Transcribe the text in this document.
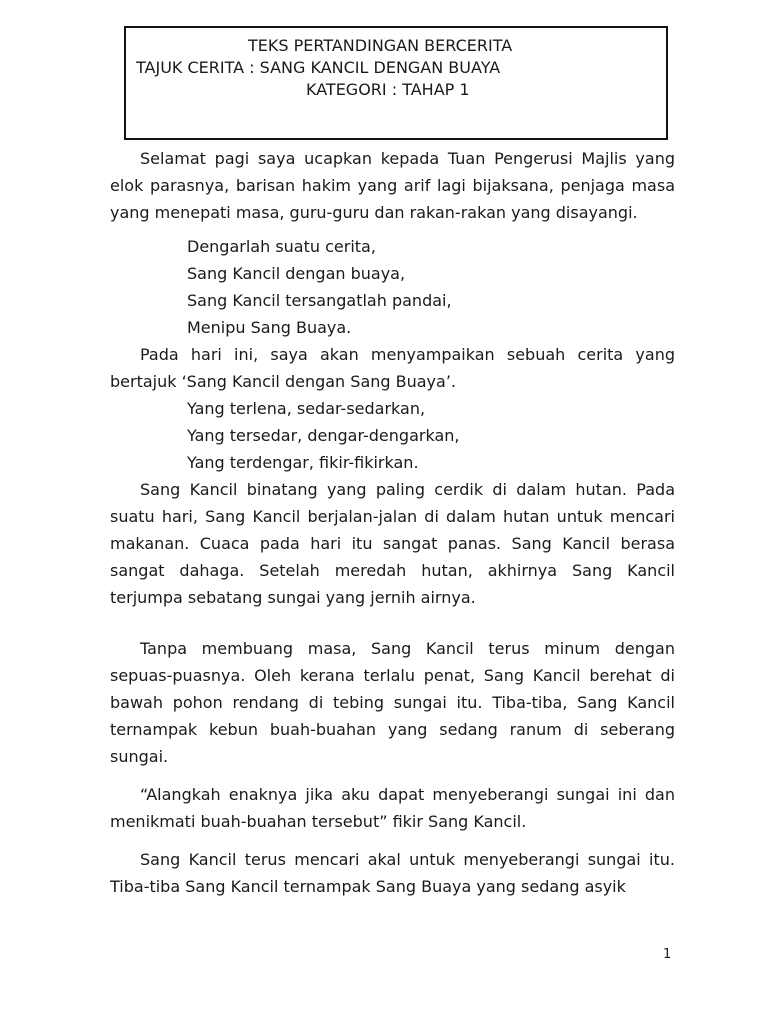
TEKS PERTANDINGAN BERCERITA
TAJUK CERITA : SANG KANCIL DENGAN BUAYA
KATEGORI : TAHAP 1

Selamat pagi saya ucapkan kepada Tuan Pengerusi Majlis yang elok parasnya, barisan hakim yang arif lagi bijaksana, penjaga masa yang menepati masa, guru-guru dan rakan-rakan yang disayangi.

Dengarlah suatu cerita,
Sang Kancil dengan buaya,
Sang Kancil tersangatlah pandai,
Menipu Sang Buaya.

Pada hari ini, saya akan menyampaikan sebuah cerita yang bertajuk ‘Sang Kancil dengan Sang Buaya’.

Yang terlena, sedar-sedarkan,
Yang tersedar, dengar-dengarkan,
Yang terdengar, fikir-fikirkan.

Sang Kancil binatang yang paling cerdik di dalam hutan. Pada suatu hari, Sang Kancil berjalan-jalan di dalam hutan untuk mencari makanan. Cuaca pada hari itu sangat panas. Sang Kancil berasa sangat dahaga. Setelah meredah hutan, akhirnya Sang Kancil terjumpa sebatang sungai yang jernih airnya.

Tanpa membuang masa, Sang Kancil terus minum dengan sepuas-puasnya. Oleh kerana terlalu penat, Sang Kancil berehat di bawah pohon rendang di tebing sungai itu. Tiba-tiba, Sang Kancil ternampak kebun buah-buahan yang sedang ranum di seberang sungai.

“Alangkah enaknya jika aku dapat menyeberangi sungai ini dan menikmati buah-buahan tersebut” fikir Sang Kancil.

Sang Kancil terus mencari akal untuk menyeberangi sungai itu. Tiba-tiba Sang Kancil ternampak Sang Buaya yang sedang asyik

1
